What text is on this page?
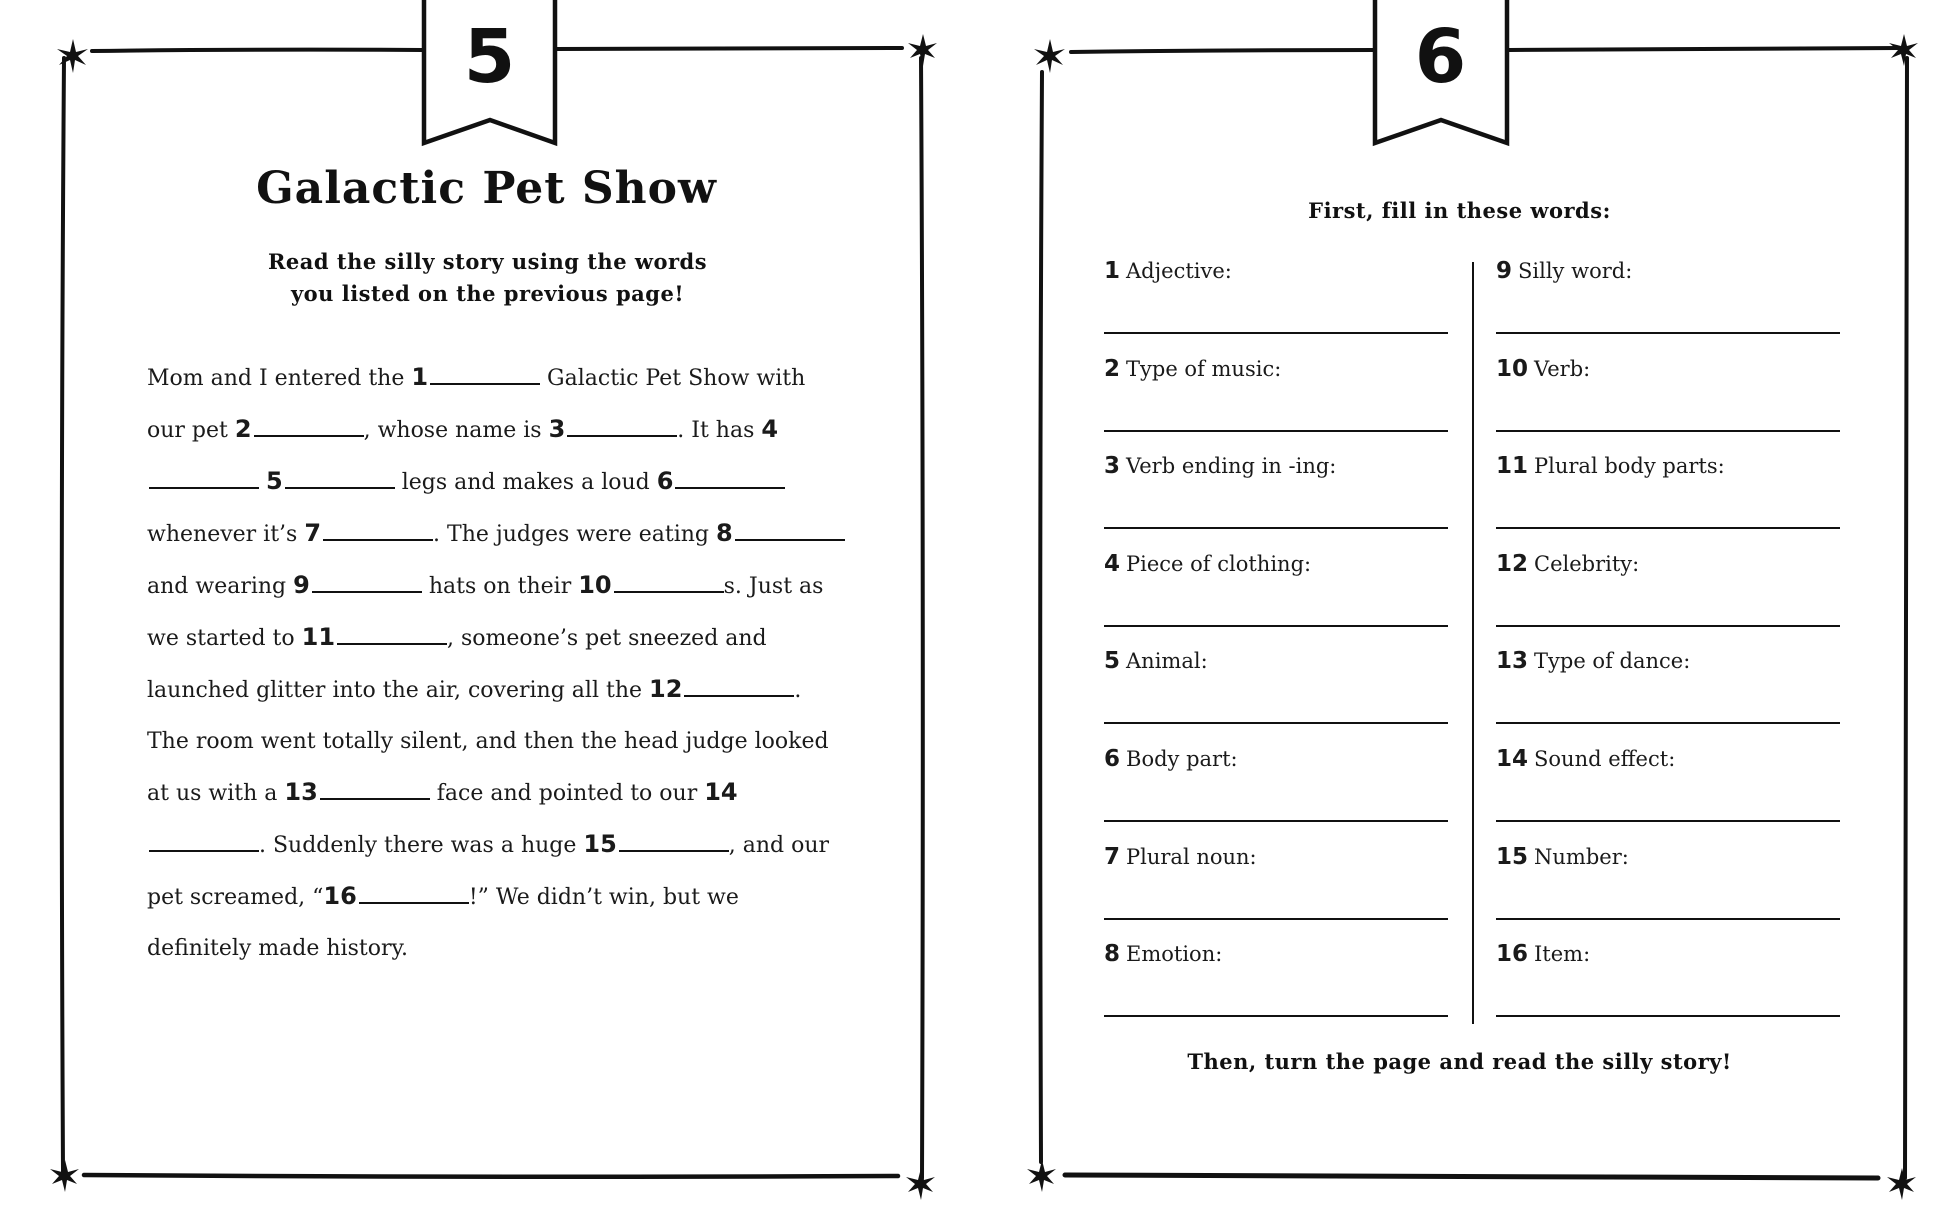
5
Galactic Pet Show
Read the silly story using the words
you listed on the previous page!

Mom and I entered the 1	Galactic Pet Show with our pet 2	, whose name is 3	. It has 4 5	legs and makes a loud 6 whenever it’s 7	. The judges were eating 8 and wearing 9	hats on their 10	s. Just as we started to 11	, someone’s pet sneezed and launched glitter into the air, covering all the 12	. The room went totally silent, and then the head judge looked at us with a 13	face and pointed to our 14. Suddenly there was a huge 15	, and our pet screamed, “16	!” We didn’t win, but we definitely made history.

6
First, fill in these words:
1 Adjective:
2 Type of music:
3 Verb ending in -ing:
4 Piece of clothing:
5 Animal:
6 Body part:
7 Plural noun:
8 Emotion:
9 Silly word:
10 Verb:
11 Plural body parts:
12 Celebrity:
13 Type of dance:
14 Sound effect:
15 Number:
16 Item:
Then, turn the page and read the silly story!
